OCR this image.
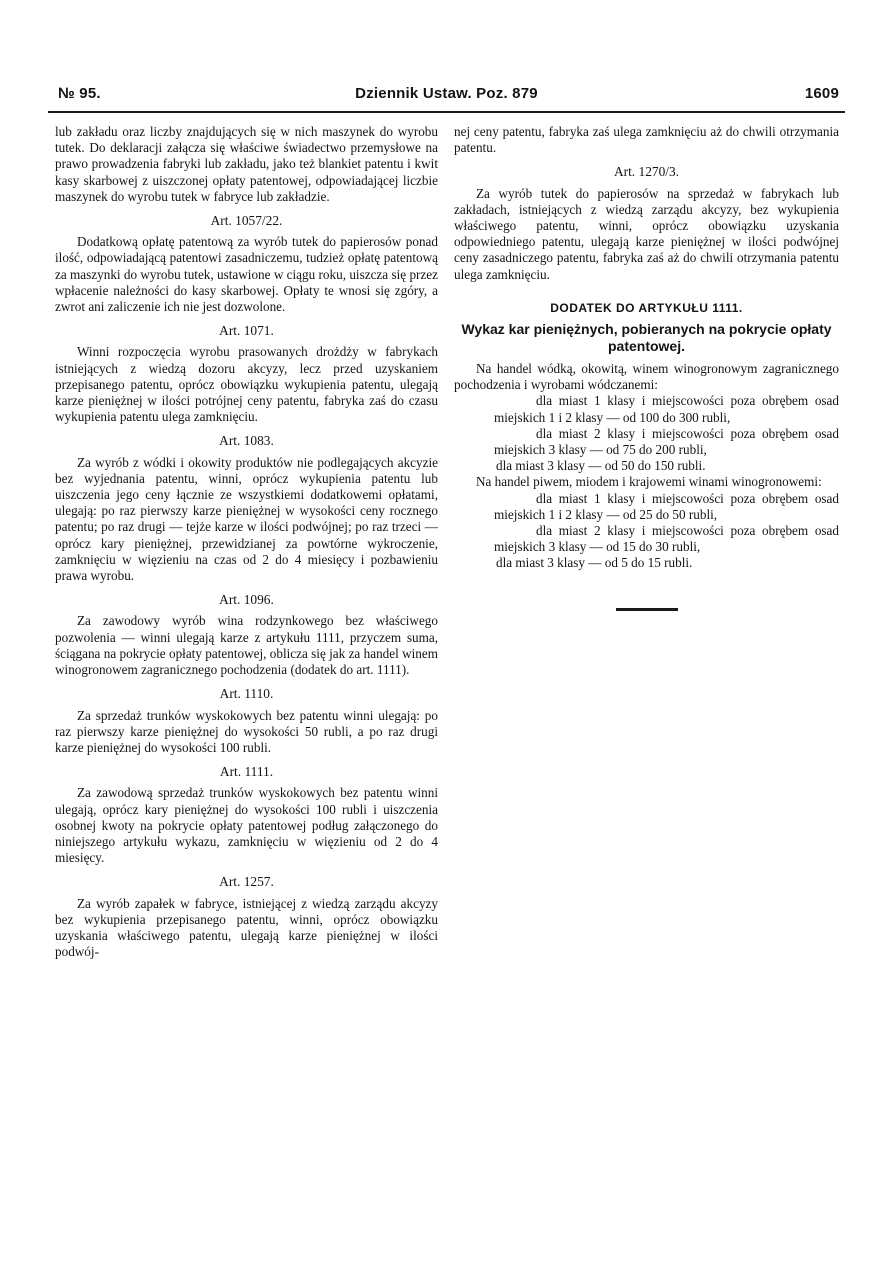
№ 95.	Dziennik Ustaw. Poz. 879	1609

lub zakładu oraz liczby znajdujących się w nich maszynek do wyrobu tutek. Do deklaracji załącza się właściwe świadectwo przemysłowe na prawo prowadzenia fabryki lub zakładu, jako też blankiet patentu i kwit kasy skarbowej z uiszczonej opłaty patentowej, odpowiadającej liczbie maszynek do wyrobu tutek w fabryce lub zakładzie.

Art. 1057/22.

Dodatkową opłatę patentową za wyrób tutek do papierosów ponad ilość, odpowiadającą patentowi zasadniczemu, tudzież opłatę patentową za maszynki do wyrobu tutek, ustawione w ciągu roku, uiszcza się przez wpłacenie należności do kasy skarbowej. Opłaty te wnosi się zgóry, a zwrot ani zaliczenie ich nie jest dozwolone.

Art. 1071.

Winni rozpoczęcia wyrobu prasowanych drożdży w fabrykach istniejących z wiedzą dozoru akcyzy, lecz przed uzyskaniem przepisanego patentu, oprócz obowiązku wykupienia patentu, ulegają karze pieniężnej w ilości potrójnej ceny patentu, fabryka zaś do czasu wykupienia patentu ulega zamknięciu.

Art. 1083.

Za wyrób z wódki i okowity produktów nie podlegających akcyzie bez wyjednania patentu, winni, oprócz wykupienia patentu lub uiszczenia jego ceny łącznie ze wszystkiemi dodatkowemi opłatami, ulegają: po raz pierwszy karze pieniężnej w wysokości ceny rocznego patentu; po raz drugi — tejże karze w ilości podwójnej; po raz trzeci — oprócz kary pieniężnej, przewidzianej za powtórne wykroczenie, zamknięciu w więzieniu na czas od 2 do 4 miesięcy i pozbawieniu prawa wyrobu.

Art. 1096.

Za zawodowy wyrób wina rodzynkowego bez właściwego pozwolenia — winni ulegają karze z artykułu 1111, przyczem suma, ściągana na pokrycie opłaty patentowej, oblicza się jak za handel winem winogronowem zagranicznego pochodzenia (dodatek do art. 1111).

Art. 1110.

Za sprzedaż trunków wyskokowych bez patentu winni ulegają: po raz pierwszy karze pieniężnej do wysokości 50 rubli, a po raz drugi karze pieniężnej do wysokości 100 rubli.

Art. 1111.

Za zawodową sprzedaż trunków wyskokowych bez patentu winni ulegają, oprócz kary pieniężnej do wysokości 100 rubli i uiszczenia osobnej kwoty na pokrycie opłaty patentowej podług załączonego do niniejszego artykułu wykazu, zamknięciu w więzieniu od 2 do 4 miesięcy.

Art. 1257.

Za wyrób zapałek w fabryce, istniejącej z wiedzą zarządu akcyzy bez wykupienia przepisanego patentu, winni, oprócz obowiązku uzyskania właściwego patentu, ulegają karze pieniężnej w ilości podwój-

nej ceny patentu, fabryka zaś ulega zamknięciu aż do chwili otrzymania patentu.

Art. 1270/3.

Za wyrób tutek do papierosów na sprzedaż w fabrykach lub zakładach, istniejących z wiedzą zarządu akcyzy, bez wykupienia właściwego patentu, winni, oprócz obowiązku uzyskania odpowiedniego patentu, ulegają karze pieniężnej w ilości podwójnej ceny zasadniczego patentu, fabryka zaś aż do chwili otrzymania patentu ulega zamknięciu.

DODATEK DO ARTYKUŁU 1111.
Wykaz kar pieniężnych, pobieranych na pokrycie opłaty patentowej.

Na handel wódką, okowitą, winem winogronowym zagranicznego pochodzenia i wyrobami wódczanemi:

dla miast 1 klasy i miejscowości poza obrębem osad miejskich 1 i 2 klasy — od 100 do 300 rubli,

dla miast 2 klasy i miejscowości poza obrębem osad miejskich 3 klasy — od 75 do 200 rubli,

dla miast 3 klasy — od 50 do 150 rubli.

Na handel piwem, miodem i krajowemi winami winogronowemi:

dla miast 1 klasy i miejscowości poza obrębem osad miejskich 1 i 2 klasy — od 25 do 50 rubli,

dla miast 2 klasy i miejscowości poza obrębem osad miejskich 3 klasy — od 15 do 30 rubli,

dla miast 3 klasy — od 5 do 15 rubli.
